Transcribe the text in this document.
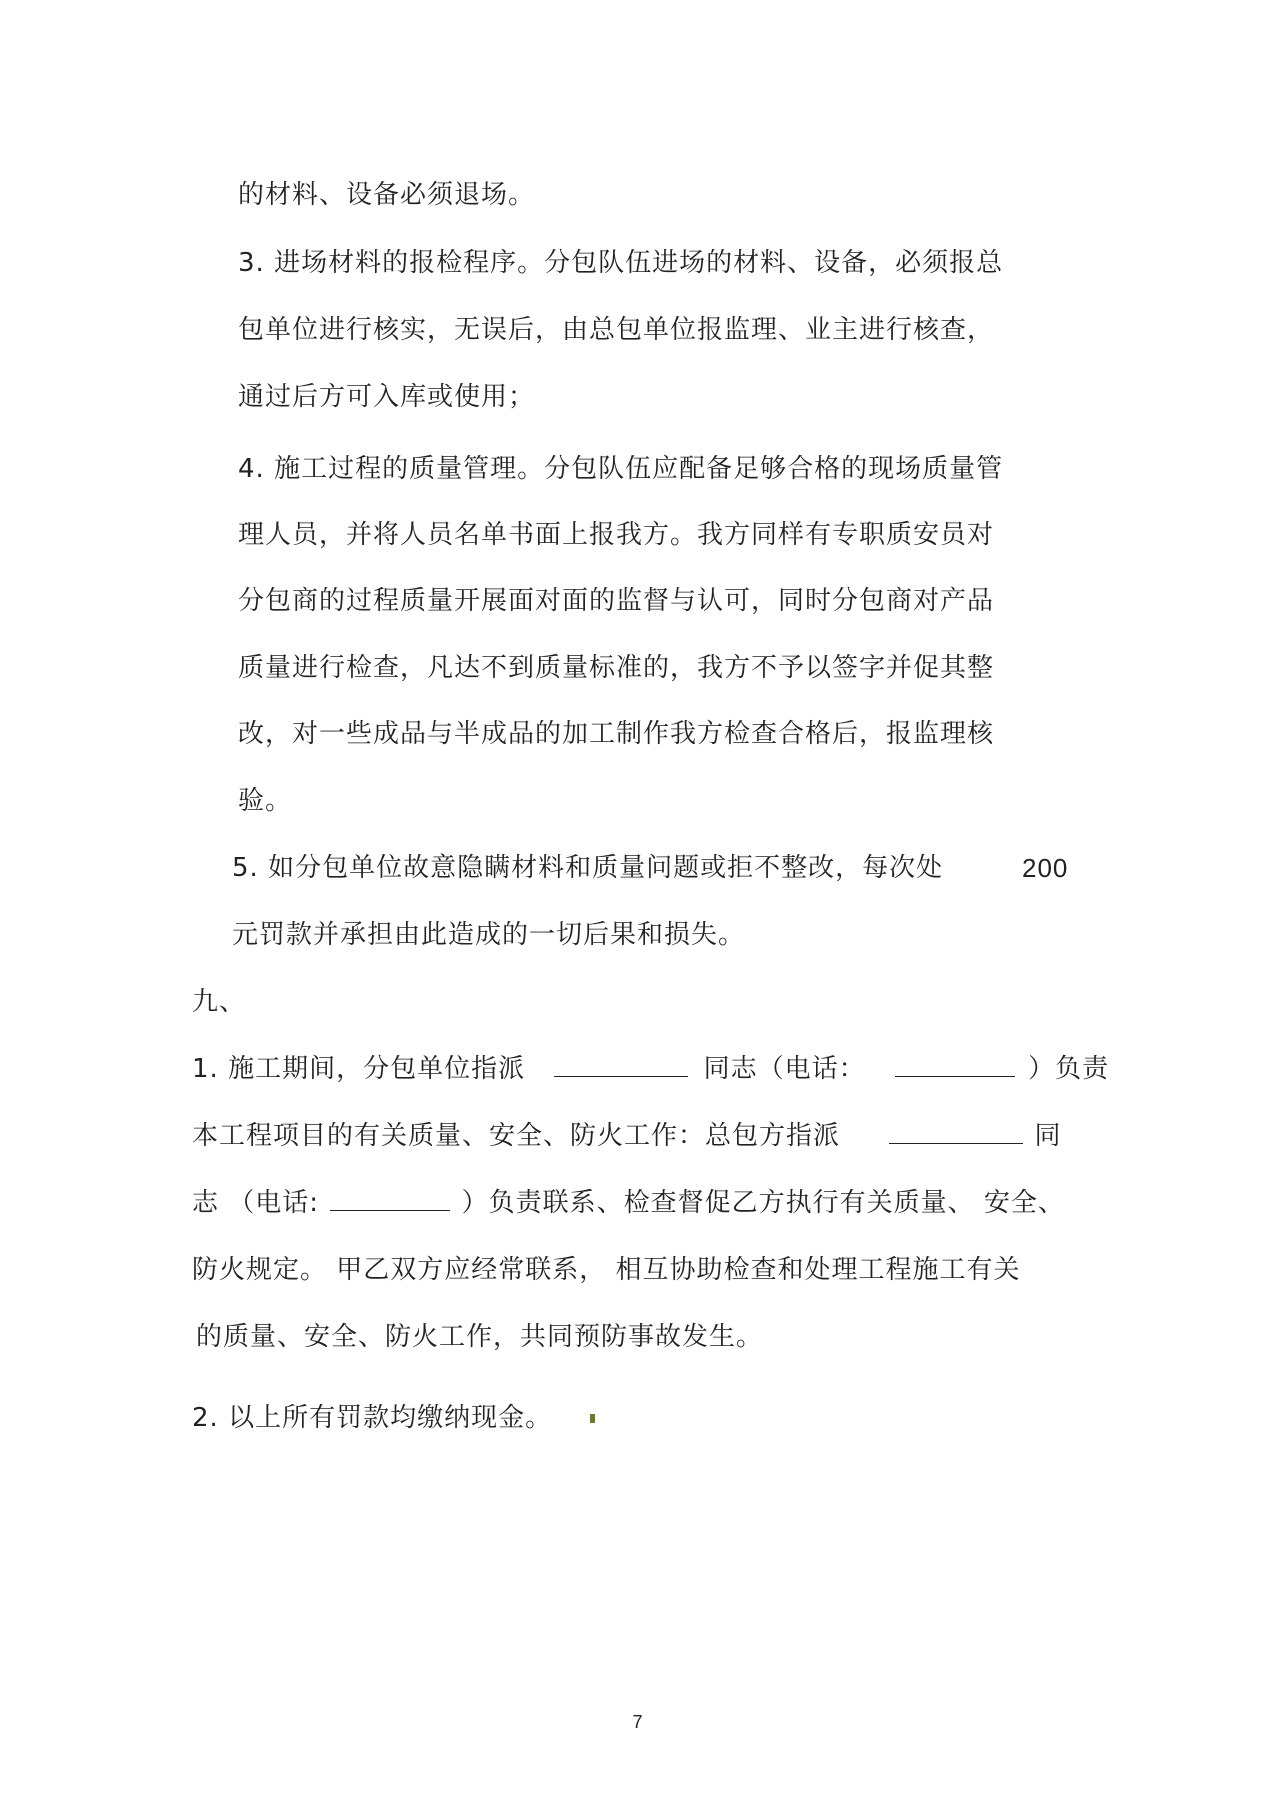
的材料、设备必须退场。
3. 进场材料的报检程序。分包队伍进场的材料、设备，必须报总
包单位进行核实，无误后，由总包单位报监理、业主进行核查，
通过后方可入库或使用；
4. 施工过程的质量管理。分包队伍应配备足够合格的现场质量管
理人员，并将人员名单书面上报我方。我方同样有专职质安员对
分包商的过程质量开展面对面的监督与认可，同时分包商对产品
质量进行检查，凡达不到质量标准的，我方不予以签字并促其整
改，对一些成品与半成品的加工制作我方检查合格后，报监理核
验。
5. 如分包单位故意隐瞒材料和质量问题或拒不整改，每次处	200
元罚款并承担由此造成的一切后果和损失。
九、
1. 施工期间，分包单位指派	同志（电话：	）负责
本工程项目的有关质量、安全、防火工作：总包方指派	同
志 （电话:	）负责联系、检查督促乙方执行有关质量、 安全、
防火规定。 甲乙双方应经常联系， 相互协助检查和处理工程施工有关
的质量、安全、防火工作，共同预防事故发生。
2. 以上所有罚款均缴纳现金。
7
